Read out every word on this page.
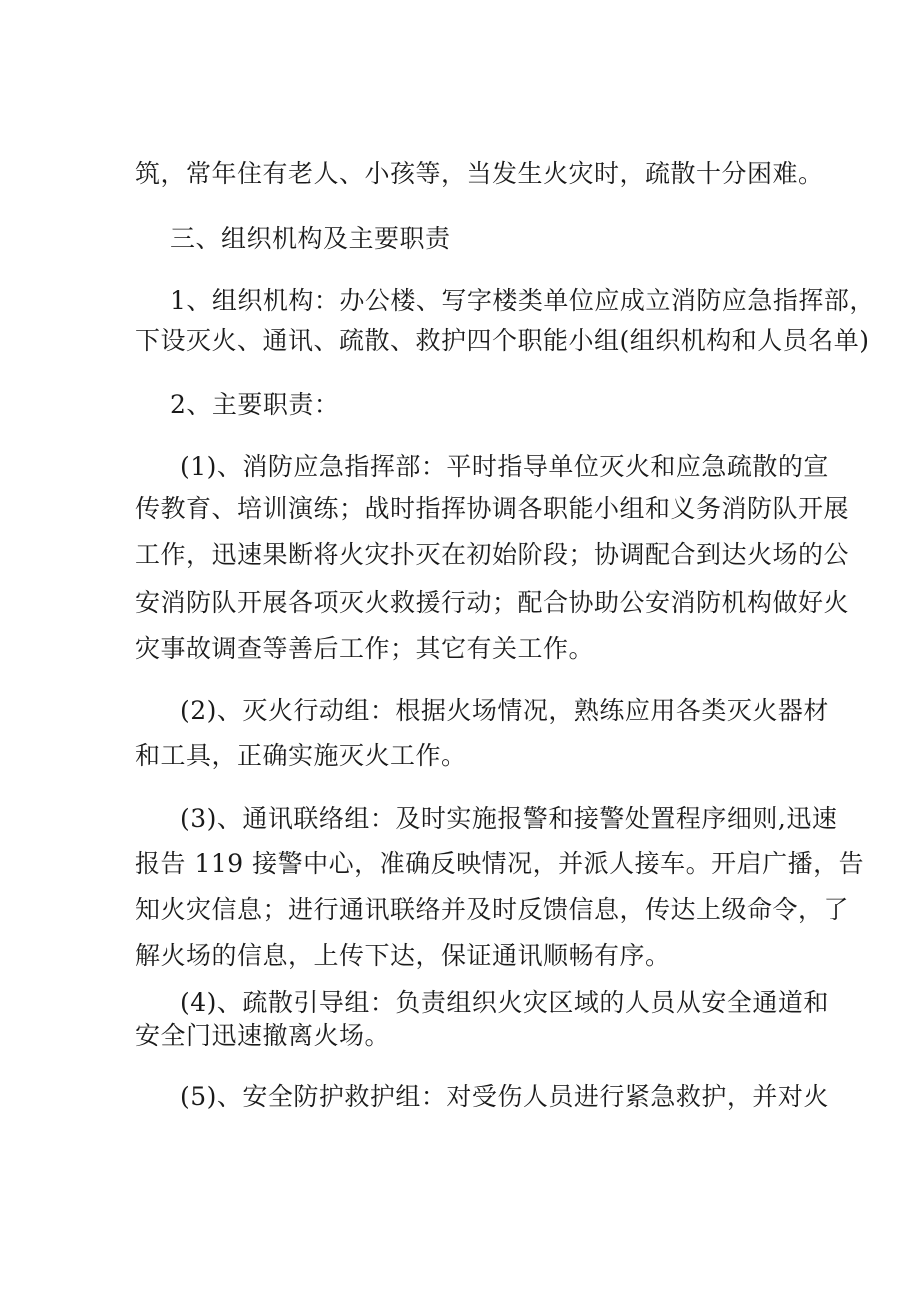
筑，常年住有老人、小孩等，当发生火灾时，疏散十分困难。
三、组织机构及主要职责
1、组织机构：办公楼、写字楼类单位应成立消防应急指挥部，
下设灭火、通讯、疏散、救护四个职能小组(组织机构和人员名单)
2、主要职责：
(1)、消防应急指挥部：平时指导单位灭火和应急疏散的宣
传教育、培训演练；战时指挥协调各职能小组和义务消防队开展
工作，迅速果断将火灾扑灭在初始阶段；协调配合到达火场的公
安消防队开展各项灭火救援行动；配合协助公安消防机构做好火
灾事故调查等善后工作；其它有关工作。
(2)、灭火行动组：根据火场情况，熟练应用各类灭火器材
和工具，正确实施灭火工作。
(3)、通讯联络组：及时实施报警和接警处置程序细则,迅速
报告 119 接警中心，准确反映情况，并派人接车。开启广播，告
知火灾信息；进行通讯联络并及时反馈信息，传达上级命令，了
解火场的信息，上传下达，保证通讯顺畅有序。
(4)、疏散引导组：负责组织火灾区域的人员从安全通道和
安全门迅速撤离火场。
(5)、安全防护救护组：对受伤人员进行紧急救护，并对火
